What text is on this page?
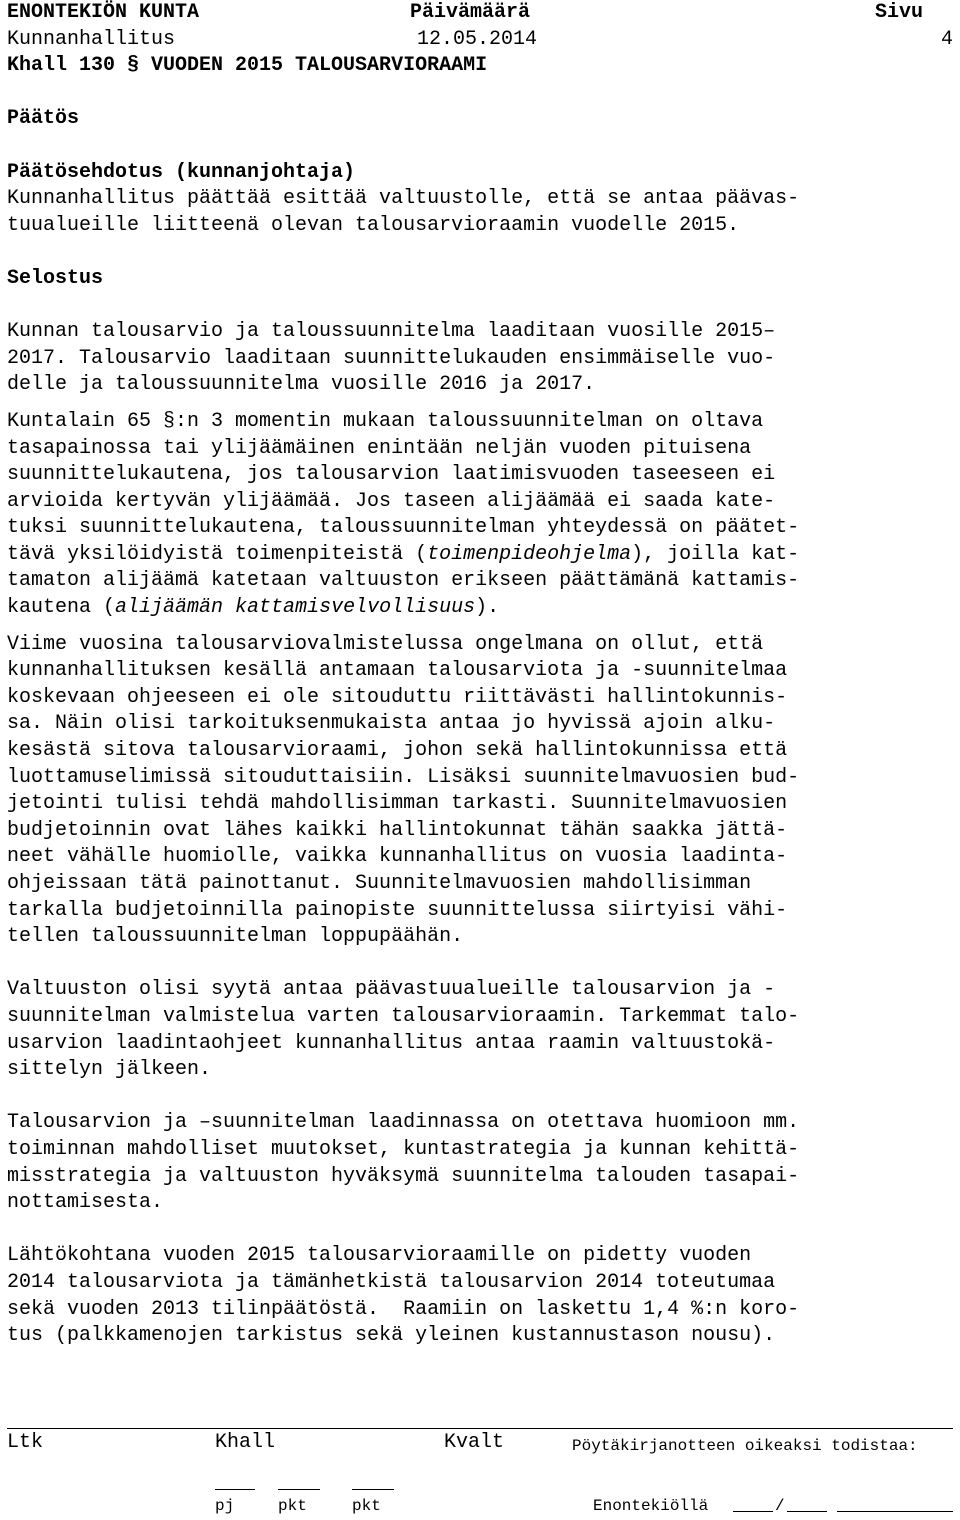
ENONTEKIÖN KUNTA	Päivämäärä	Sivu
Kunnanhallitus	12.05.2014	4

Khall 130 § VUODEN 2015 TALOUSARVIORAAMI

Päätös

Päätösehdotus (kunnanjohtaja)

Kunnanhallitus päättää esittää valtuustolle, että se antaa päävas-

tuualueille liitteenä olevan talousarvioraamin vuodelle 2015.

Selostus

Kunnan talousarvio ja taloussuunnitelma laaditaan vuosille 2015–

2017. Talousarvio laaditaan suunnittelukauden ensimmäiselle vuo-

delle ja taloussuunnitelma vuosille 2016 ja 2017.

Kuntalain 65 §:n 3 momentin mukaan taloussuunnitelman on oltava

tasapainossa tai ylijäämäinen enintään neljän vuoden pituisena

suunnittelukautena, jos talousarvion laatimisvuoden taseeseen ei

arvioida kertyvän ylijäämää. Jos taseen alijäämää ei saada kate-

tuksi suunnittelukautena, taloussuunnitelman yhteydessä on päätet-

tävä yksilöidyistä toimenpiteistä (toimenpideohjelma), joilla kat-

tamaton alijäämä katetaan valtuuston erikseen päättämänä kattamis-

kautena (alijäämän kattamisvelvollisuus).

Viime vuosina talousarviovalmistelussa ongelmana on ollut, että

kunnanhallituksen kesällä antamaan talousarviota ja -suunnitelmaa

koskevaan ohjeeseen ei ole sitouduttu riittävästi hallintokunnis-

sa. Näin olisi tarkoituksenmukaista antaa jo hyvissä ajoin alku-

kesästä sitova talousarvioraami, johon sekä hallintokunnissa että

luottamuselimissä sitouduttaisiin. Lisäksi suunnitelmavuosien bud-

jetointi tulisi tehdä mahdollisimman tarkasti. Suunnitelmavuosien

budjetoinnin ovat lähes kaikki hallintokunnat tähän saakka jättä-

neet vähälle huomiolle, vaikka kunnanhallitus on vuosia laadinta-

ohjeissaan tätä painottanut. Suunnitelmavuosien mahdollisimman

tarkalla budjetoinnilla painopiste suunnittelussa siirtyisi vähi-

tellen taloussuunnitelman loppupäähän.

Valtuuston olisi syytä antaa päävastuualueille talousarvion ja -

suunnitelman valmistelua varten talousarvioraamin. Tarkemmat talo-

usarvion laadintaohjeet kunnanhallitus antaa raamin valtuustokä-

sittelyn jälkeen.

Talousarvion ja –suunnitelman laadinnassa on otettava huomioon mm.

toiminnan mahdolliset muutokset, kuntastrategia ja kunnan kehittä-

misstrategia ja valtuuston hyväksymä suunnitelma talouden tasapai-

nottamisesta.

Lähtökohtana vuoden 2015 talousarvioraamille on pidetty vuoden

2014 talousarviota ja tämänhetkistä talousarvion 2014 toteutumaa

sekä vuoden 2013 tilinpäätöstä.  Raamiin on laskettu 1,4 %:n koro-

tus (palkkamenojen tarkistus sekä yleinen kustannustason nousu).

Ltk	Khall	Kvalt	Pöytäkirjanotteen oikeaksi todistaa:
pj	pkt	pkt	Enontekiöllä	/
